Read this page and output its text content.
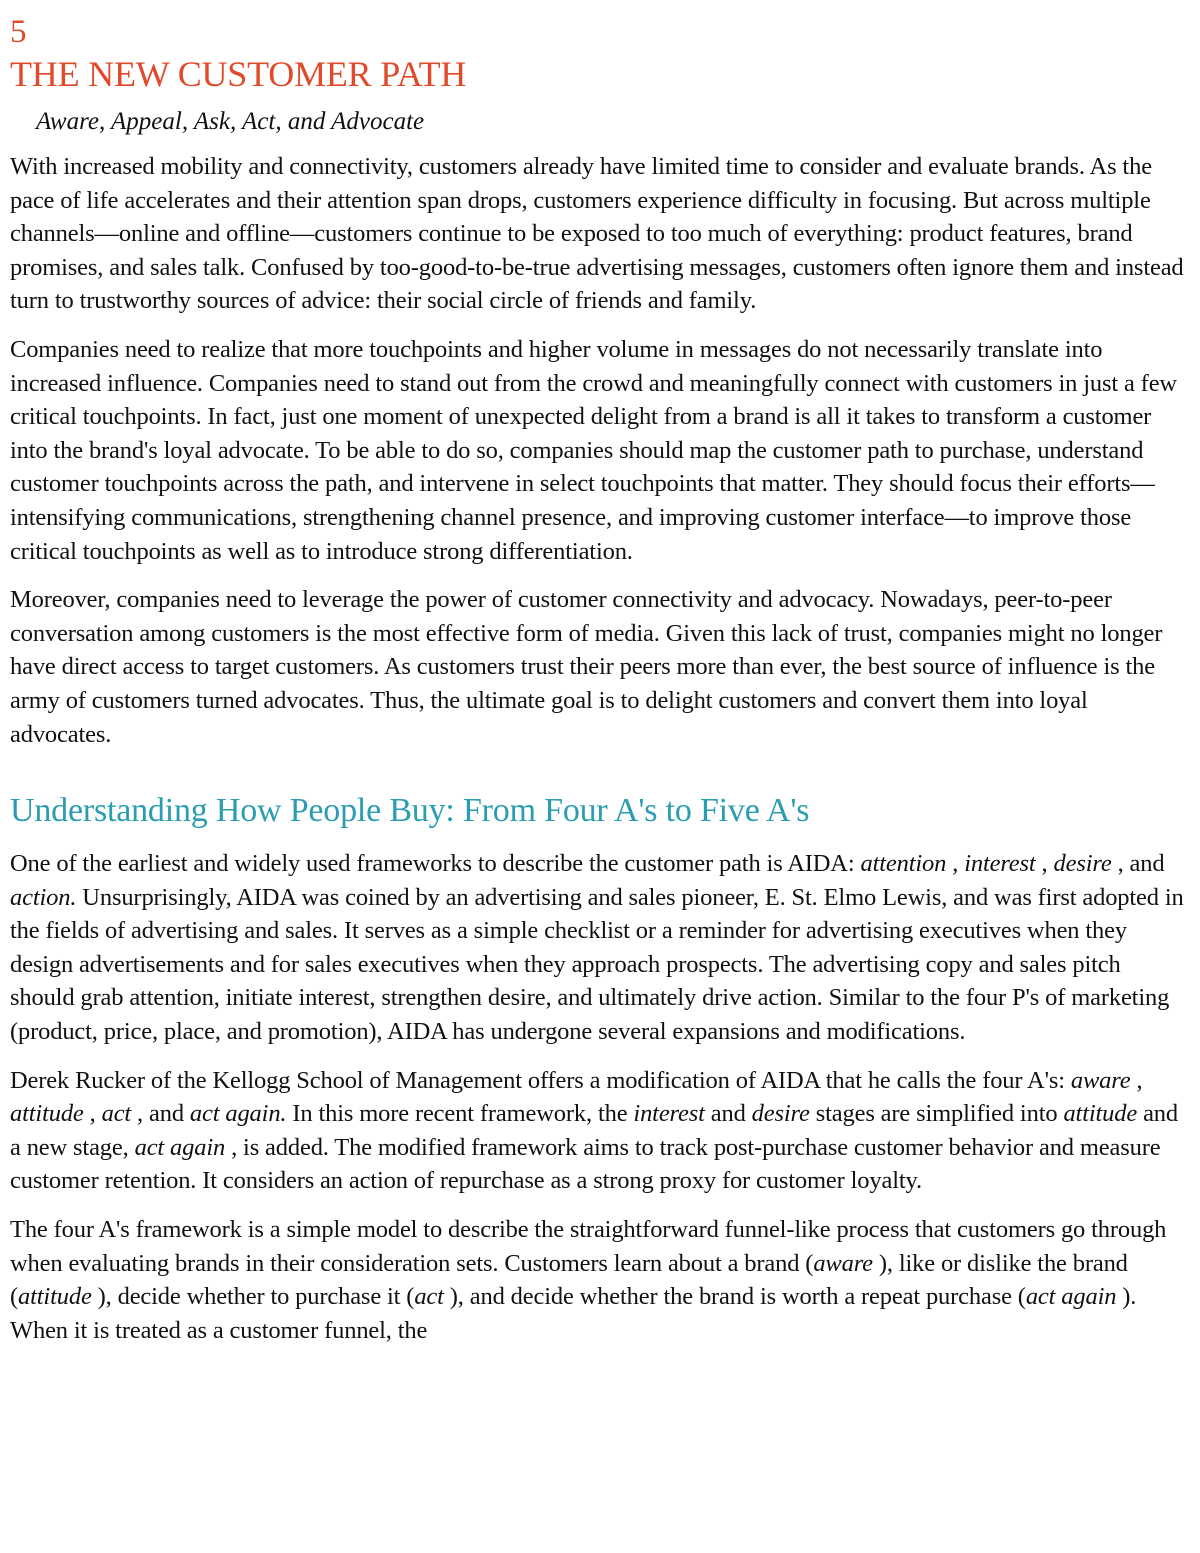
5
THE NEW CUSTOMER PATH
Aware, Appeal, Ask, Act, and Advocate

With increased mobility and connectivity, customers already have limited time to consider and evaluate brands. As the pace of life accelerates and their attention span drops, customers experience difficulty in focusing. But across multiple channels—online and offline—customers continue to be exposed to too much of everything: product features, brand promises, and sales talk. Confused by too-good-to-be-true advertising messages, customers often ignore them and instead turn to trustworthy sources of advice: their social circle of friends and family.

Companies need to realize that more touchpoints and higher volume in messages do not necessarily translate into increased influence. Companies need to stand out from the crowd and meaningfully connect with customers in just a few critical touchpoints. In fact, just one moment of unexpected delight from a brand is all it takes to transform a customer into the brand's loyal advocate. To be able to do so, companies should map the customer path to purchase, understand customer touchpoints across the path, and intervene in select touchpoints that matter. They should focus their efforts—intensifying communications, strengthening channel presence, and improving customer interface—to improve those critical touchpoints as well as to introduce strong differentiation.

Moreover, companies need to leverage the power of customer connectivity and advocacy. Nowadays, peer-to-peer conversation among customers is the most effective form of media. Given this lack of trust, companies might no longer have direct access to target customers. As customers trust their peers more than ever, the best source of influence is the army of customers turned advocates. Thus, the ultimate goal is to delight customers and convert them into loyal advocates.

Understanding How People Buy: From Four A's to Five A's

One of the earliest and widely used frameworks to describe the customer path is AIDA: attention , interest , desire , and action. Unsurprisingly, AIDA was coined by an advertising and sales pioneer, E. St. Elmo Lewis, and was first adopted in the fields of advertising and sales. It serves as a simple checklist or a reminder for advertising executives when they design advertisements and for sales executives when they approach prospects. The advertising copy and sales pitch should grab attention, initiate interest, strengthen desire, and ultimately drive action. Similar to the four P's of marketing (product, price, place, and promotion), AIDA has undergone several expansions and modifications.

Derek Rucker of the Kellogg School of Management offers a modification of AIDA that he calls the four A's: aware , attitude , act , and act again. In this more recent framework, the interest and desire stages are simplified into attitude and a new stage, act again , is added. The modified framework aims to track post-purchase customer behavior and measure customer retention. It considers an action of repurchase as a strong proxy for customer loyalty.

The four A's framework is a simple model to describe the straightforward funnel-like process that customers go through when evaluating brands in their consideration sets. Customers learn about a brand (aware ), like or dislike the brand (attitude ), decide whether to purchase it (act ), and decide whether the brand is worth a repeat purchase (act again ). When it is treated as a customer funnel, the
